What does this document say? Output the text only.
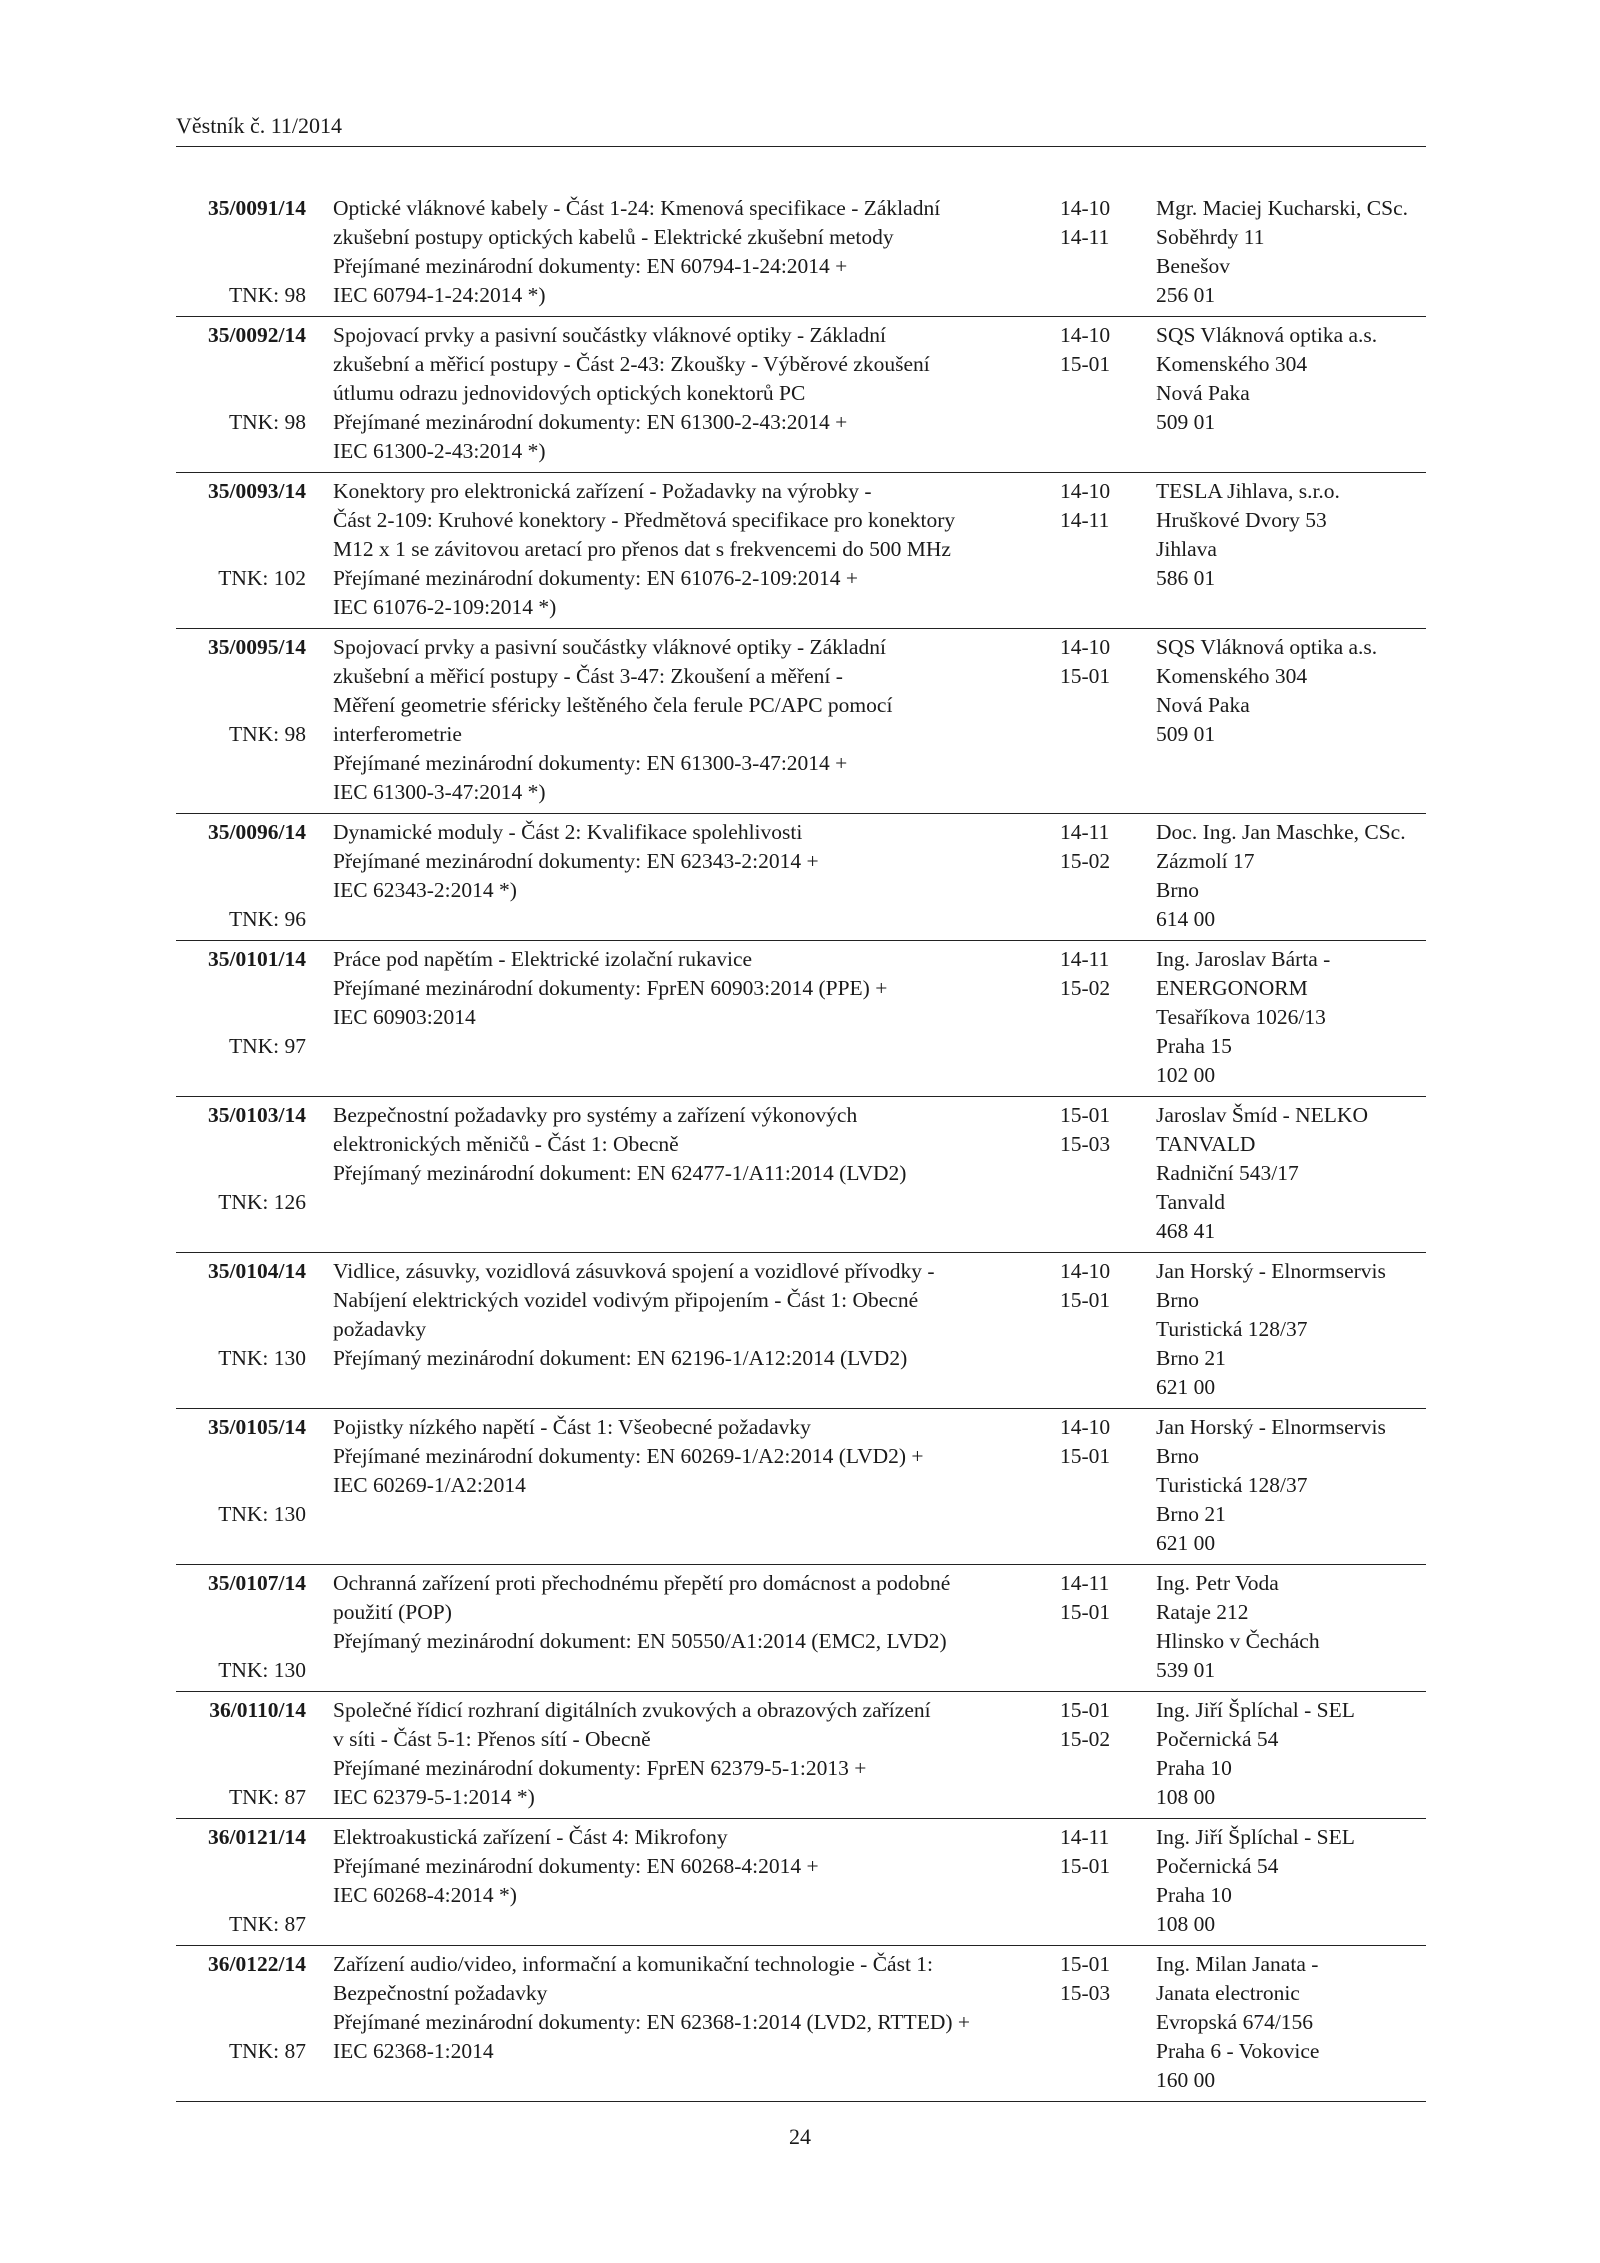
Věstník č. 11/2014
35/0091/14 Optické vláknové kabely - Část 1-24: Kmenová specifikace - Základní
zkušební postupy optických kabelů - Elektrické zkušební metody
Přejímané mezinárodní dokumenty: EN 60794-1-24:2014 +
IEC 60794-1-24:2014 *)
14-10
14-11
Mgr. Maciej Kucharski, CSc.
Soběhrdy 11
Benešov
256 01
TNK: 98
35/0092/14 Spojovací prvky a pasivní součástky vláknové optiky - Základní
zkušební a měřicí postupy - Část 2-43: Zkoušky - Výběrové zkoušení
útlumu odrazu jednovidových optických konektorů PC
Přejímané mezinárodní dokumenty: EN 61300-2-43:2014 +
IEC 61300-2-43:2014 *)
14-10
15-01
SQS Vláknová optika a.s.
Komenského 304
Nová Paka
509 01
TNK: 98
35/0093/14 Konektory pro elektronická zařízení - Požadavky na výrobky -
Část 2-109: Kruhové konektory - Předmětová specifikace pro konektory
M12 x 1 se závitovou aretací pro přenos dat s frekvencemi do 500 MHz
Přejímané mezinárodní dokumenty: EN 61076-2-109:2014 +
IEC 61076-2-109:2014 *)
14-10
14-11
TESLA Jihlava, s.r.o.
Hruškové Dvory 53
Jihlava
586 01
TNK: 102
35/0095/14 Spojovací prvky a pasivní součástky vláknové optiky - Základní
zkušební a měřicí postupy - Část 3-47: Zkoušení a měření -
Měření geometrie sféricky leštěného čela ferule PC/APC pomocí
interferometrie
Přejímané mezinárodní dokumenty: EN 61300-3-47:2014 +
IEC 61300-3-47:2014 *)
14-10
15-01
SQS Vláknová optika a.s.
Komenského 304
Nová Paka
509 01
TNK: 98
35/0096/14 Dynamické moduly - Část 2: Kvalifikace spolehlivosti
Přejímané mezinárodní dokumenty: EN 62343-2:2014 +
IEC 62343-2:2014 *)
14-11
15-02
Doc. Ing. Jan Maschke, CSc.
Zázmolí 17
Brno
614 00
TNK: 96
35/0101/14 Práce pod napětím - Elektrické izolační rukavice
Přejímané mezinárodní dokumenty: FprEN 60903:2014 (PPE) +
IEC 60903:2014
14-11
15-02
Ing. Jaroslav Bárta -
ENERGONORM
Tesaříkova 1026/13
Praha 15
102 00
TNK: 97
35/0103/14 Bezpečnostní požadavky pro systémy a zařízení výkonových
elektronických měničů - Část 1: Obecně
Přejímaný mezinárodní dokument: EN 62477-1/A11:2014 (LVD2)
15-01
15-03
Jaroslav Šmíd - NELKO
TANVALD
Radniční 543/17
Tanvald
468 41
TNK: 126
35/0104/14 Vidlice, zásuvky, vozidlová zásuvková spojení a vozidlové přívodky -
Nabíjení elektrických vozidel vodivým připojením - Část 1: Obecné
požadavky
Přejímaný mezinárodní dokument: EN 62196-1/A12:2014 (LVD2)
14-10
15-01
Jan Horský - Elnormservis
Brno
Turistická 128/37
Brno 21
621 00
TNK: 130
35/0105/14 Pojistky nízkého napětí - Část 1: Všeobecné požadavky
Přejímané mezinárodní dokumenty: EN 60269-1/A2:2014 (LVD2) +
IEC 60269-1/A2:2014
14-10
15-01
Jan Horský - Elnormservis
Brno
Turistická 128/37
Brno 21
621 00
TNK: 130
35/0107/14 Ochranná zařízení proti přechodnému přepětí pro domácnost a podobné
použití (POP)
Přejímaný mezinárodní dokument: EN 50550/A1:2014 (EMC2, LVD2)
14-11
15-01
Ing. Petr Voda
Rataje 212
Hlinsko v Čechách
539 01
TNK: 130
36/0110/14 Společné řídicí rozhraní digitálních zvukových a obrazových zařízení
v síti - Část 5-1: Přenos sítí - Obecně
Přejímané mezinárodní dokumenty: FprEN 62379-5-1:2013 +
IEC 62379-5-1:2014 *)
15-01
15-02
Ing. Jiří Šplíchal - SEL
Počernická 54
Praha 10
108 00
TNK: 87
36/0121/14 Elektroakustická zařízení - Část 4: Mikrofony
Přejímané mezinárodní dokumenty: EN 60268-4:2014 +
IEC 60268-4:2014 *)
14-11
15-01
Ing. Jiří Šplíchal - SEL
Počernická 54
Praha 10
108 00
TNK: 87
36/0122/14 Zařízení audio/video, informační a komunikační technologie - Část 1:
Bezpečnostní požadavky
Přejímané mezinárodní dokumenty: EN 62368-1:2014 (LVD2, RTTED) +
IEC 62368-1:2014
15-01
15-03
Ing. Milan Janata -
Janata electronic
Evropská 674/156
Praha 6 - Vokovice
160 00
TNK: 87
24
